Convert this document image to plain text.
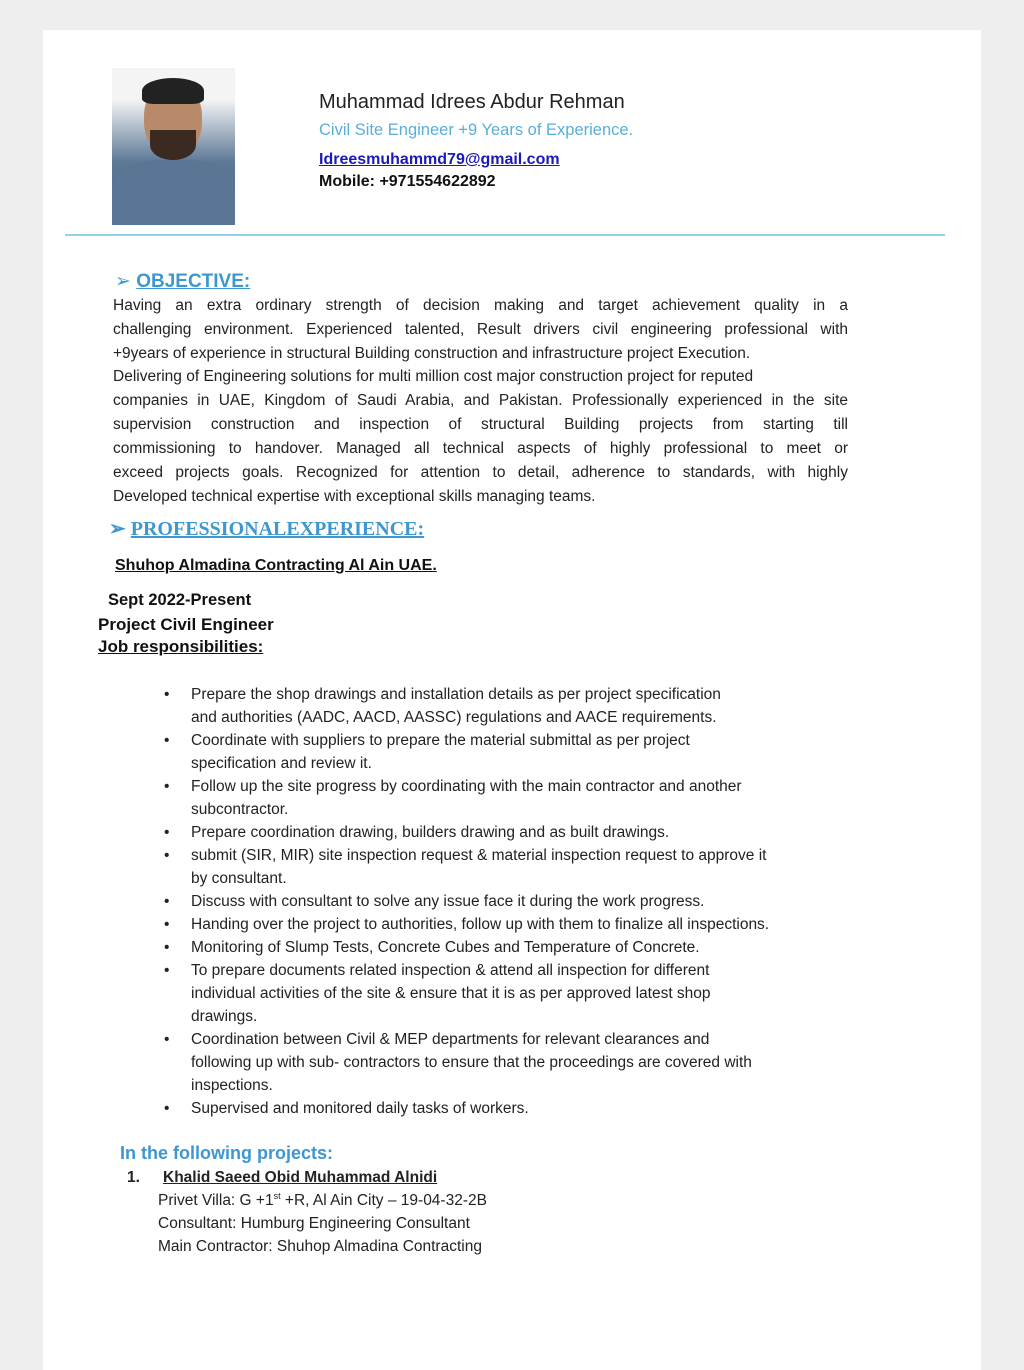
Muhammad Idrees Abdur Rehman
Civil Site Engineer +9 Years of Experience.
Idreesmuhammd79@gmail.com
Mobile: +971554622892
➢ OBJECTIVE:
Having an extra ordinary strength of decision making and target achievement quality in a
challenging environment. Experienced talented, Result drivers civil engineering professional with
+9years of experience in structural Building construction and infrastructure project Execution.
Delivering of Engineering solutions for multi million cost major construction project for reputed
companies in UAE, Kingdom of Saudi Arabia, and Pakistan. Professionally experienced in the site
supervision construction and inspection of structural Building projects from starting till
commissioning to handover. Managed all technical aspects of highly professional to meet or
exceed projects goals. Recognized for attention to detail, adherence to standards, with highly
Developed technical expertise with exceptional skills managing teams.
➢ PROFESSIONALEXPERIENCE:
Shuhop Almadina Contracting Al Ain UAE.
Sept 2022-Present
Project Civil Engineer
Job responsibilities:
• Prepare the shop drawings and installation details as per project specification
and authorities (AADC, AACD, AASSC) regulations and AACE requirements.
• Coordinate with suppliers to prepare the material submittal as per project
specification and review it.
• Follow up the site progress by coordinating with the main contractor and another
subcontractor.
• Prepare coordination drawing, builders drawing and as built drawings.
• submit (SIR, MIR) site inspection request & material inspection request to approve it
by consultant.
• Discuss with consultant to solve any issue face it during the work progress.
• Handing over the project to authorities, follow up with them to finalize all inspections.
• Monitoring of Slump Tests, Concrete Cubes and Temperature of Concrete.
• To prepare documents related inspection & attend all inspection for different
individual activities of the site & ensure that it is as per approved latest shop
drawings.
• Coordination between Civil & MEP departments for relevant clearances and
following up with sub- contractors to ensure that the proceedings are covered with
inspections.
• Supervised and monitored daily tasks of workers.
In the following projects:
1. Khalid Saeed Obid Muhammad Alnidi
Privet Villa: G +1st +R, Al Ain City – 19-04-32-2B
Consultant: Humburg Engineering Consultant
Main Contractor: Shuhop Almadina Contracting
